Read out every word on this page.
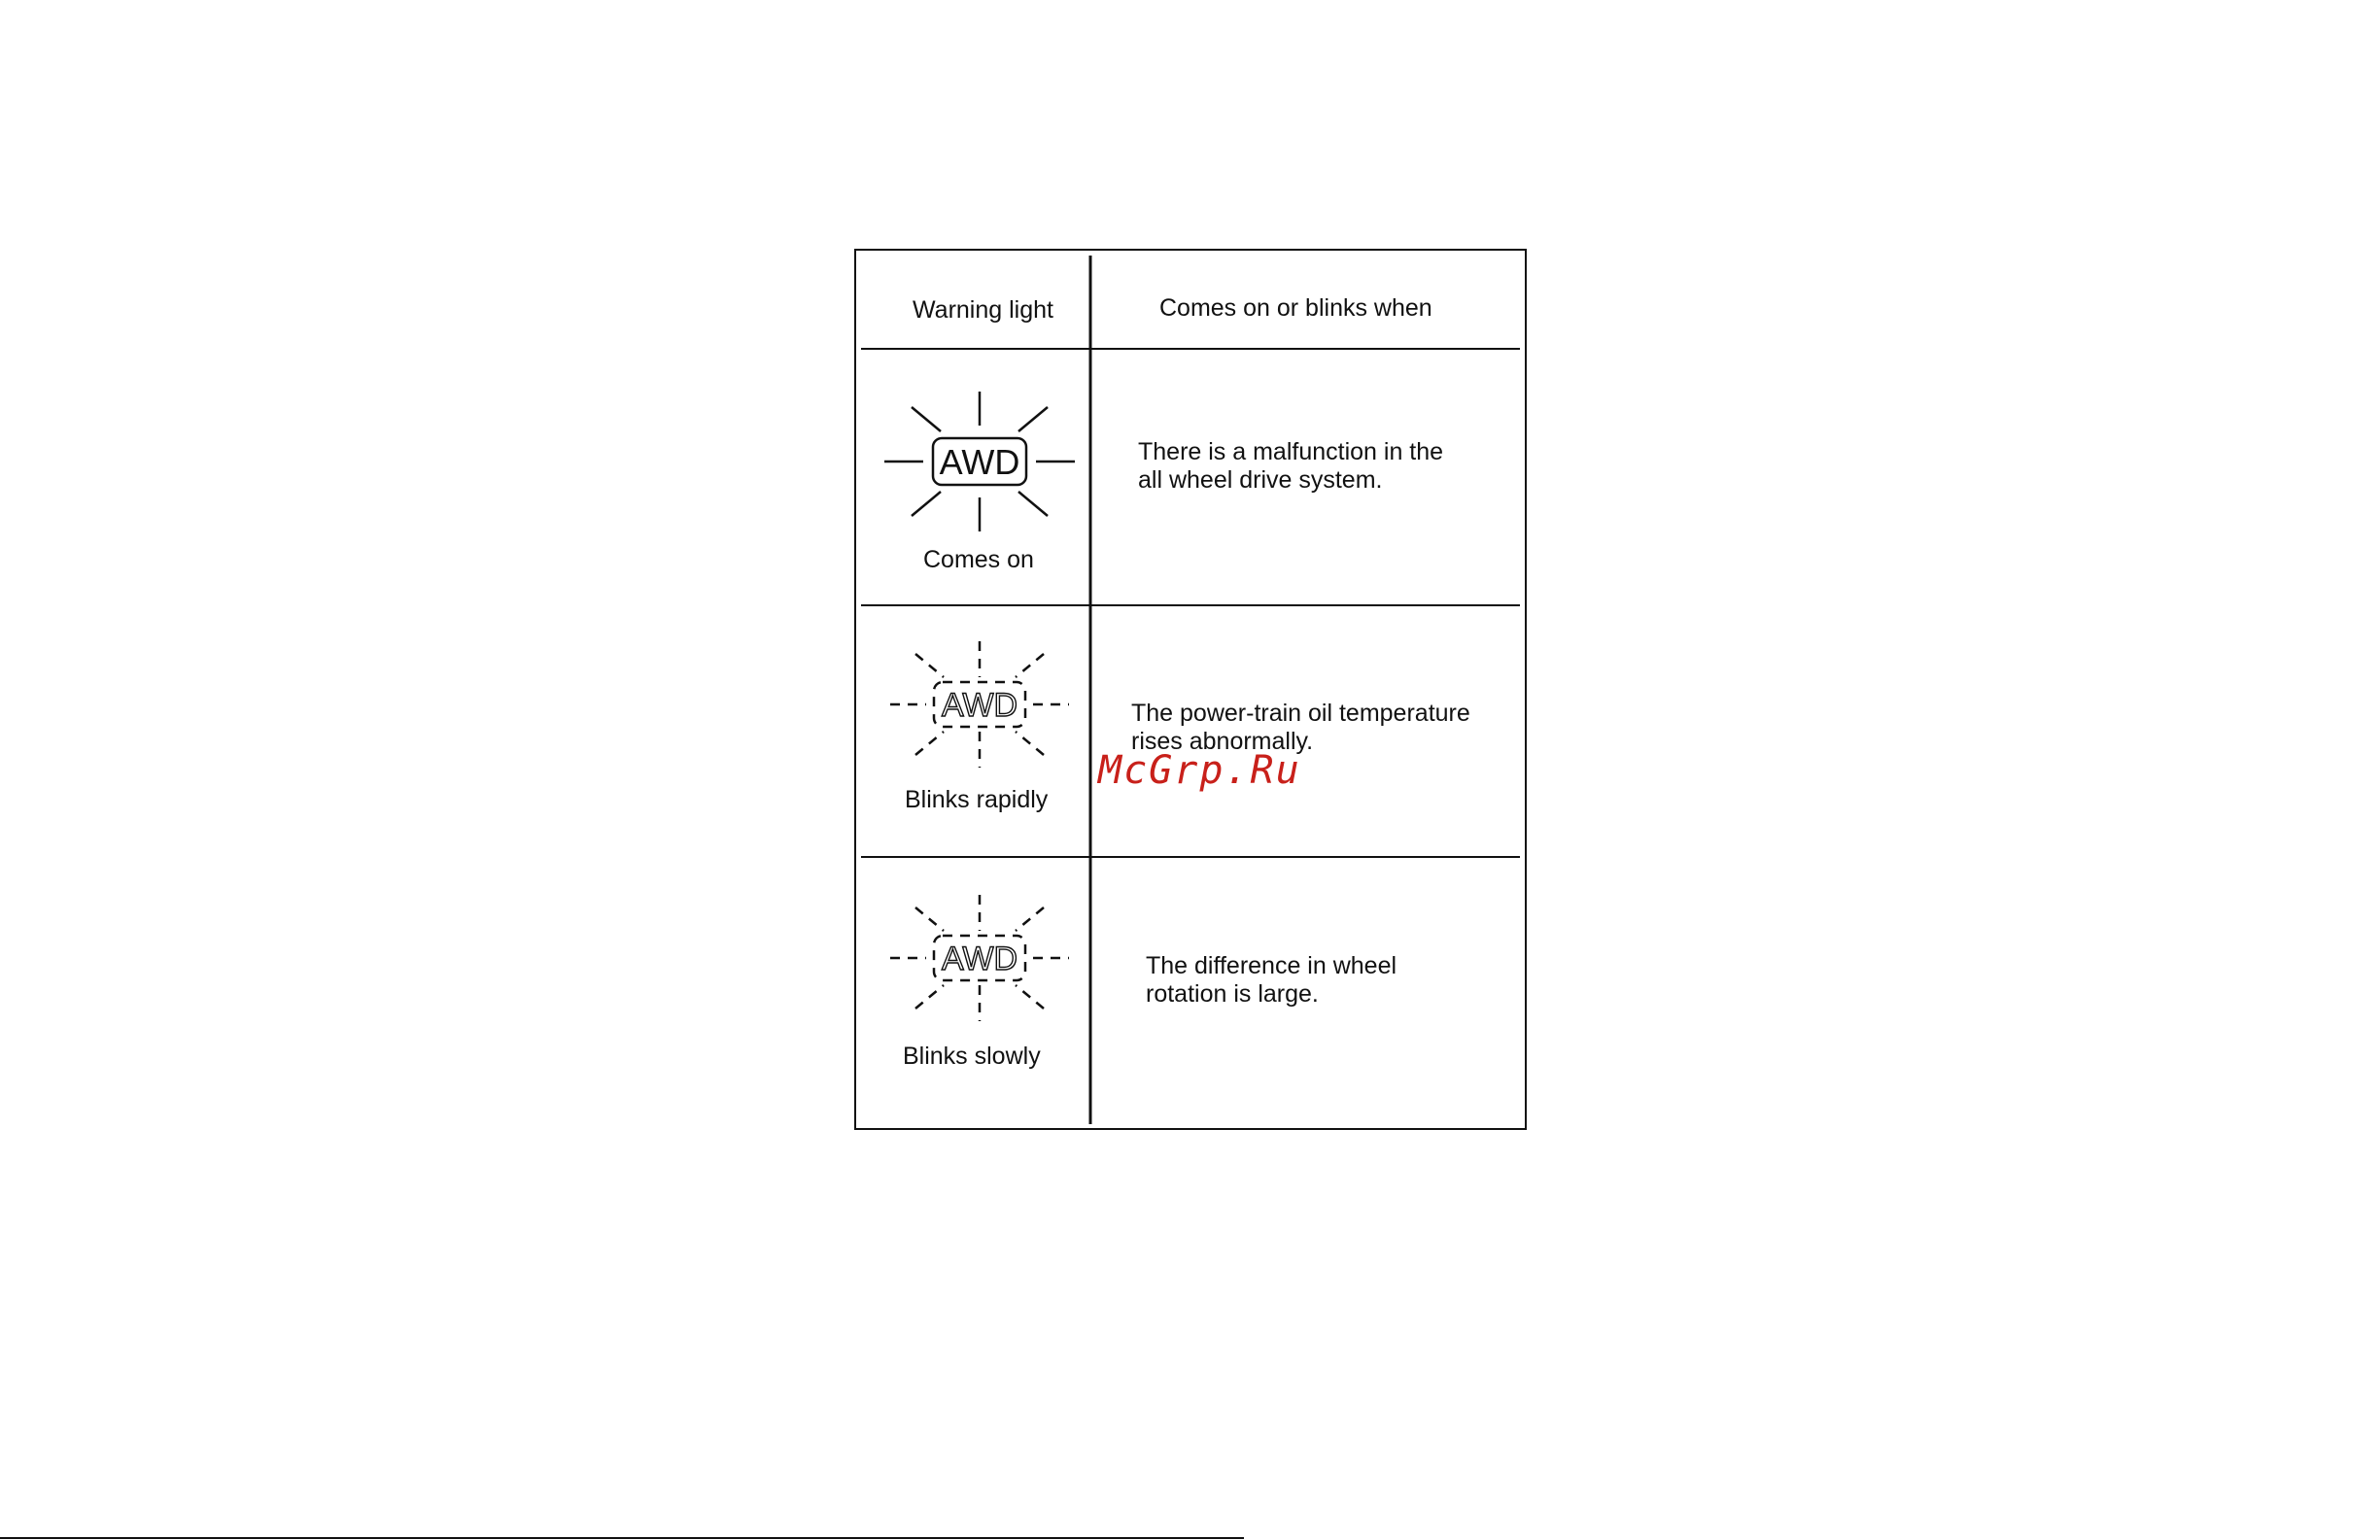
AWD
AWD
AWD
Warning light	Comes on or blinks when
Comes on
There is a malfunction in the
all wheel drive system.
Blinks rapidly
The power-train oil temperature
rises abnormally.
Blinks slowly
The difference in wheel
rotation is large.
McGrp.Ru
